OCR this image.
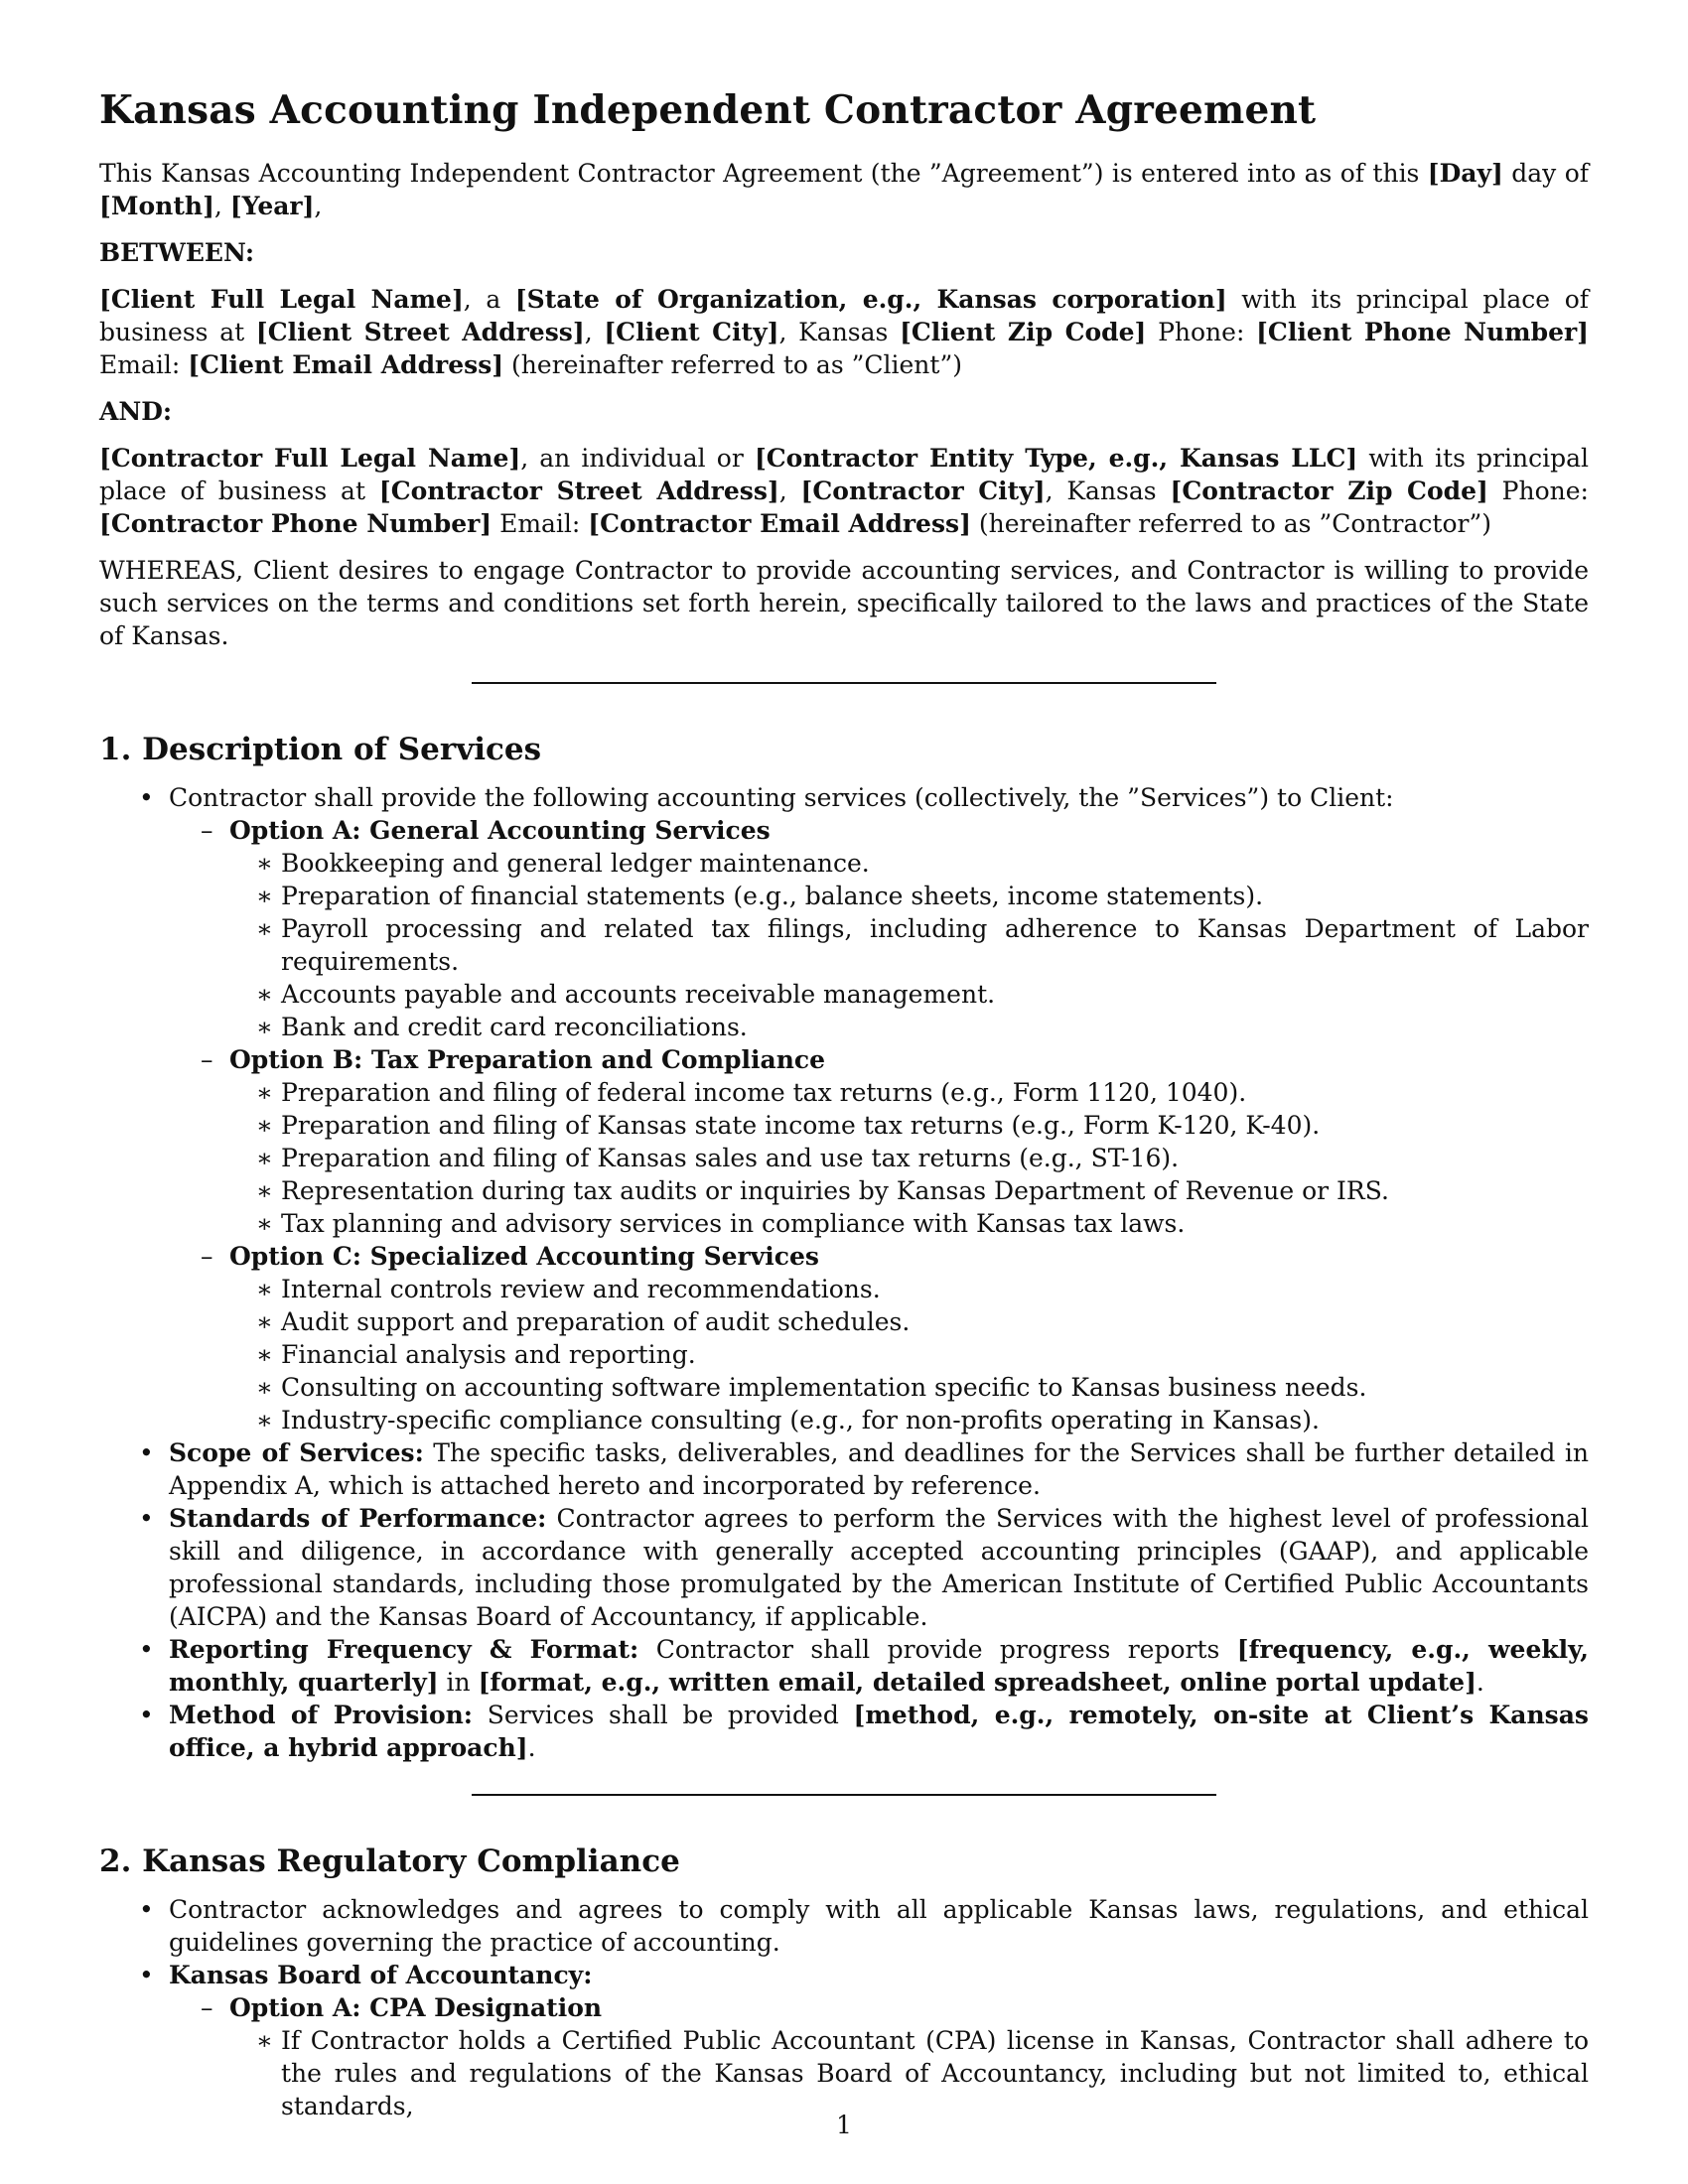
Kansas Accounting Independent Contractor Agreement

This Kansas Accounting Independent Contractor Agreement (the ”Agreement”) is entered into as of this [Day] day of [Month], [Year],

BETWEEN:

[Client Full Legal Name], a [State of Organization, e.g., Kansas corporation] with its principal place of business at [Client Street Address], [Client City], Kansas [Client Zip Code] Phone: [Client Phone Number] Email: [Client Email Address] (hereinafter referred to as ”Client”)

AND:

[Contractor Full Legal Name], an individual or [Contractor Entity Type, e.g., Kansas LLC] with its principal place of business at [Contractor Street Address], [Contractor City], Kansas [Contractor Zip Code] Phone: [Contractor Phone Number] Email: [Contractor Email Address] (hereinafter referred to as ”Contractor”)

WHEREAS, Client desires to engage Contractor to provide accounting services, and Contractor is willing to provide such services on the terms and conditions set forth herein, specifically tailored to the laws and practices of the State of Kansas.

1. Description of Services
• Contractor shall provide the following accounting services (collectively, the ”Services”) to Client:
– Option A: General Accounting Services
∗ Bookkeeping and general ledger maintenance.
∗ Preparation of financial statements (e.g., balance sheets, income statements).
∗ Payroll processing and related tax filings, including adherence to Kansas Department of Labor requirements.
∗ Accounts payable and accounts receivable management.
∗ Bank and credit card reconciliations.
– Option B: Tax Preparation and Compliance
∗ Preparation and filing of federal income tax returns (e.g., Form 1120, 1040).
∗ Preparation and filing of Kansas state income tax returns (e.g., Form K-120, K-40).
∗ Preparation and filing of Kansas sales and use tax returns (e.g., ST-16).
∗ Representation during tax audits or inquiries by Kansas Department of Revenue or IRS.
∗ Tax planning and advisory services in compliance with Kansas tax laws.
– Option C: Specialized Accounting Services
∗ Internal controls review and recommendations.
∗ Audit support and preparation of audit schedules.
∗ Financial analysis and reporting.
∗ Consulting on accounting software implementation specific to Kansas business needs.
∗ Industry-specific compliance consulting (e.g., for non-profits operating in Kansas).
• Scope of Services: The specific tasks, deliverables, and deadlines for the Services shall be further detailed in Appendix A, which is attached hereto and incorporated by reference.
• Standards of Performance: Contractor agrees to perform the Services with the highest level of professional skill and diligence, in accordance with generally accepted accounting principles (GAAP), and applicable professional standards, including those promulgated by the American Institute of Certified Public Accountants (AICPA) and the Kansas Board of Accountancy, if applicable.
• Reporting Frequency & Format: Contractor shall provide progress reports [frequency, e.g., weekly, monthly, quarterly] in [format, e.g., written email, detailed spreadsheet, online portal update].
• Method of Provision: Services shall be provided [method, e.g., remotely, on-site at Client’s Kansas office, a hybrid approach].
2. Kansas Regulatory Compliance
• Contractor acknowledges and agrees to comply with all applicable Kansas laws, regulations, and ethical guidelines governing the practice of accounting.
• Kansas Board of Accountancy:
– Option A: CPA Designation
∗ If Contractor holds a Certified Public Accountant (CPA) license in Kansas, Contractor shall adhere to the rules and regulations of the Kansas Board of Accountancy, including but not limited to, ethical standards,
1
